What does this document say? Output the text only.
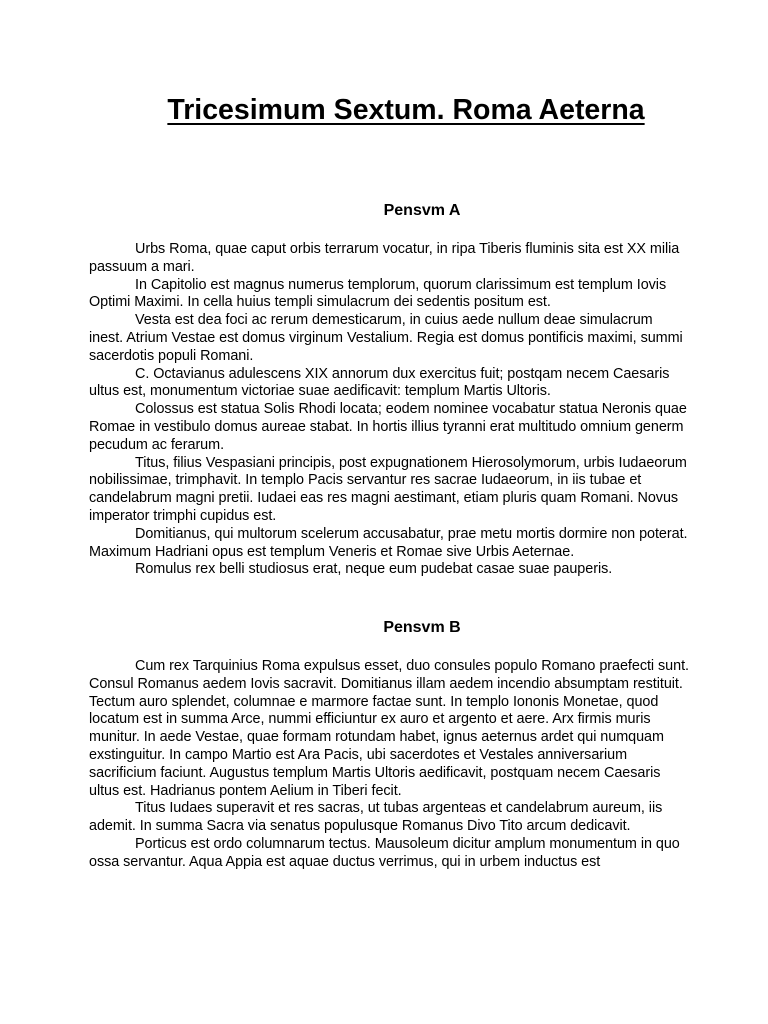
Tricesimum Sextum. Roma Aeterna
Pensvm A

Urbs Roma, quae caput orbis terrarum vocatur, in ripa Tiberis fluminis sita est XX milia passuum a mari.

In Capitolio est magnus numerus templorum, quorum clarissimum est templum Iovis Optimi Maximi. In cella huius templi simulacrum dei sedentis positum est.

Vesta est dea foci ac rerum demesticarum, in cuius aede nullum deae simulacrum inest. Atrium Vestae est domus virginum Vestalium. Regia est domus pontificis maximi, summi sacerdotis populi Romani.

C. Octavianus adulescens XIX annorum dux exercitus fuit; postqam necem Caesaris ultus est, monumentum victoriae suae aedificavit: templum Martis Ultoris.

Colossus est statua Solis Rhodi locata; eodem nominee vocabatur statua Neronis quae Romae in vestibulo domus aureae stabat. In hortis illius tyranni erat multitudo omnium generm pecudum ac ferarum.

Titus, filius Vespasiani principis, post expugnationem Hierosolymorum, urbis Iudaeorum nobilissimae, trimphavit. In templo Pacis servantur res sacrae Iudaeorum, in iis tubae et candelabrum magni pretii. Iudaei eas res magni aestimant, etiam pluris quam Romani. Novus imperator trimphi cupidus est.

Domitianus, qui multorum scelerum accusabatur, prae metu mortis dormire non poterat. Maximum Hadriani opus est templum Veneris et Romae sive Urbis Aeternae.

Romulus rex belli studiosus erat, neque eum pudebat casae suae pauperis.

Pensvm B

Cum rex Tarquinius Roma expulsus esset, duo consules populo Romano praefecti sunt. Consul Romanus aedem Iovis sacravit. Domitianus illam aedem incendio absumptam restituit. Tectum auro splendet, columnae e marmore factae sunt. In templo Iononis Monetae, quod locatum est in summa Arce, nummi efficiuntur ex auro et argento et aere. Arx firmis muris munitur. In aede Vestae, quae formam rotundam habet, ignus aeternus ardet qui numquam exstinguitur. In campo Martio est Ara Pacis, ubi sacerdotes et Vestales anniversarium sacrificium faciunt. Augustus templum Martis Ultoris aedificavit, postquam necem Caesaris ultus est. Hadrianus pontem Aelium in Tiberi fecit.

Titus Iudaes superavit et res sacras, ut tubas argenteas et candelabrum aureum, iis ademit. In summa Sacra via senatus populusque Romanus Divo Tito arcum dedicavit.

Porticus est ordo columnarum tectus. Mausoleum dicitur amplum monumentum in quo ossa servantur. Aqua Appia est aquae ductus verrimus, qui in urbem inductus est
